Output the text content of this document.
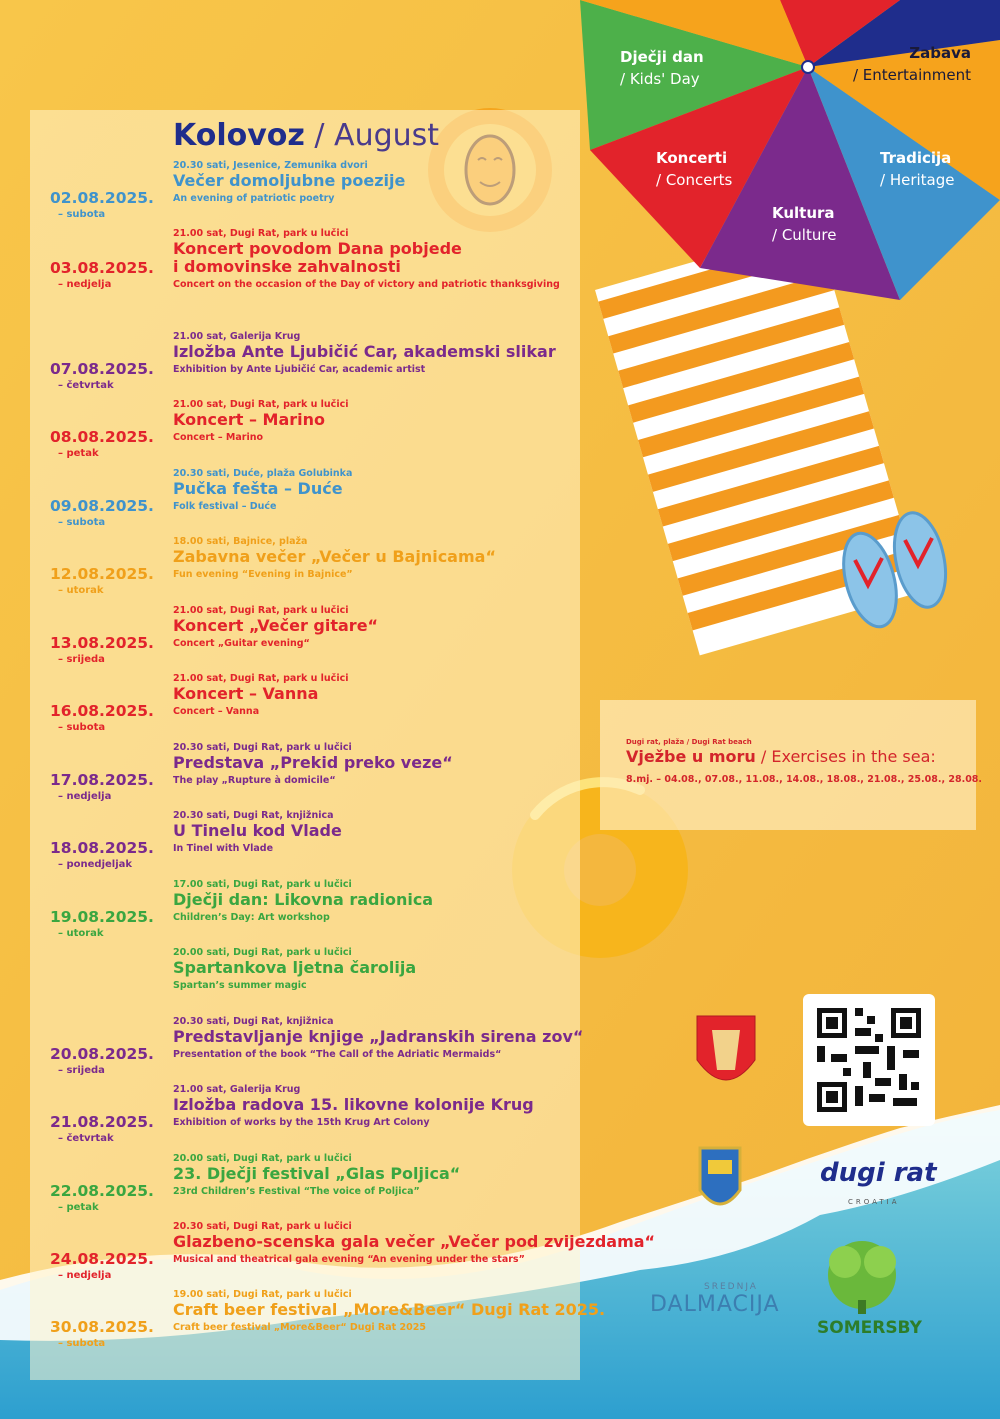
Kolovoz / August
Dječji dan
/ Kids' Day
Zabava
/ Entertainment
Koncerti
/ Concerts
Tradicija
/ Heritage
Kultura
/ Culture
20.30 sati, Jesenice, Zemunika dvori
Večer domoljubne poezije
An evening of patriotic poetry
02.08.2025.
– subota
21.00 sat, Dugi Rat, park u lučici
Koncert povodom Dana pobjede
i domovinske zahvalnosti
Concert on the occasion of the Day of victory and patriotic thanksgiving
03.08.2025.
– nedjelja
21.00 sat, Galerija Krug
Izložba Ante Ljubičić Car, akademski slikar
Exhibition by Ante Ljubičić Car, academic artist
07.08.2025.
– četvrtak
21.00 sat, Dugi Rat, park u lučici
Koncert – Marino
Concert – Marino
08.08.2025.
– petak
20.30 sati, Duće, plaža Golubinka
Pučka fešta – Duće
Folk festival – Duće
09.08.2025.
– subota
18.00 sati, Bajnice, plaža
Zabavna večer „Večer u Bajnicama“
Fun evening “Evening in Bajnice”
12.08.2025.
– utorak
21.00 sat, Dugi Rat, park u lučici
Koncert „Večer gitare“
Concert „Guitar evening“
13.08.2025.
– srijeda
21.00 sat, Dugi Rat, park u lučici
Koncert – Vanna
Concert – Vanna
16.08.2025.
– subota
20.30 sati, Dugi Rat, park u lučici
Predstava „Prekid preko veze“
The play „Rupture à domicile“
17.08.2025.
– nedjelja
20.30 sati, Dugi Rat, knjižnica
U Tinelu kod Vlade
In Tinel with Vlade
18.08.2025.
– ponedjeljak
17.00 sati, Dugi Rat, park u lučici
Dječji dan: Likovna radionica
Children’s Day: Art workshop
19.08.2025.
– utorak
20.00 sati, Dugi Rat, park u lučici
Spartankova ljetna čarolija
Spartan’s summer magic
20.30 sati, Dugi Rat, knjižnica
Predstavljanje knjige „Jadranskih sirena zov“
Presentation of the book “The Call of the Adriatic Mermaids“
20.08.2025.
– srijeda
21.00 sat, Galerija Krug
Izložba radova 15. likovne kolonije Krug
Exhibition of works by the 15th Krug Art Colony
21.08.2025.
– četvrtak
20.00 sati, Dugi Rat, park u lučici
23. Dječji festival „Glas Poljica“
23rd Children’s Festival “The voice of Poljica”
22.08.2025.
– petak
20.30 sati, Dugi Rat, park u lučici
Glazbeno-scenska gala večer „Večer pod zvijezdama“
Musical and theatrical gala evening “An evening under the stars”
24.08.2025.
– nedjelja
19.00 sati, Dugi Rat, park u lučici
Craft beer festival „More&Beer“ Dugi Rat 2025.
Craft beer festival „More&Beer“ Dugi Rat 2025
30.08.2025.
– subota
Dugi rat, plaža / Dugi Rat beach
Vježbe u moru / Exercises in the sea:
8.mj. – 04.08., 07.08., 11.08., 14.08., 18.08., 21.08., 25.08., 28.08.
dugi rat
CROATIA
SREDNJA
DALMACIJA
SOMERSBY
